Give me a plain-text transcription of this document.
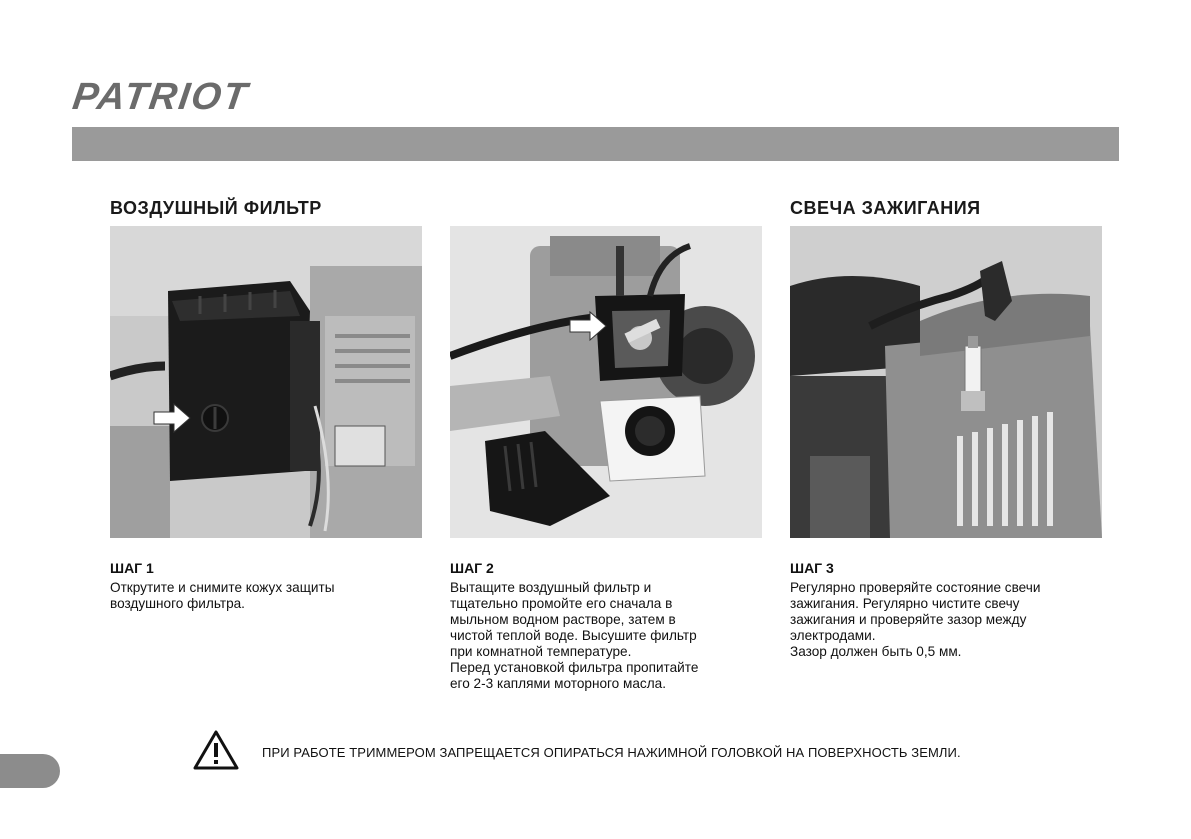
PATRIOT
ВОЗДУШНЫЙ ФИЛЬТР	СВЕЧА ЗАЖИГАНИЯ
ШАГ 1
Открутите и снимите кожух защиты
воздушного фильтра.
ШАГ 2
Вытащите воздушный фильтр и
тщательно промойте его сначала в
мыльном водном растворе, затем в
чистой теплой воде. Высушите фильтр
при комнатной температуре.
Перед установкой фильтра пропитайте
его 2-3 каплями моторного масла.
ШАГ 3
Регулярно проверяйте состояние свечи
зажигания. Регулярно чистите свечу
зажигания и проверяйте зазор между
электродами.
Зазор должен быть 0,5 мм.
ПРИ РАБОТЕ ТРИММЕРОМ ЗАПРЕЩАЕТСЯ ОПИРАТЬСЯ НАЖИМНОЙ ГОЛОВКОЙ НА ПОВЕРХНОСТЬ ЗЕМЛИ.
